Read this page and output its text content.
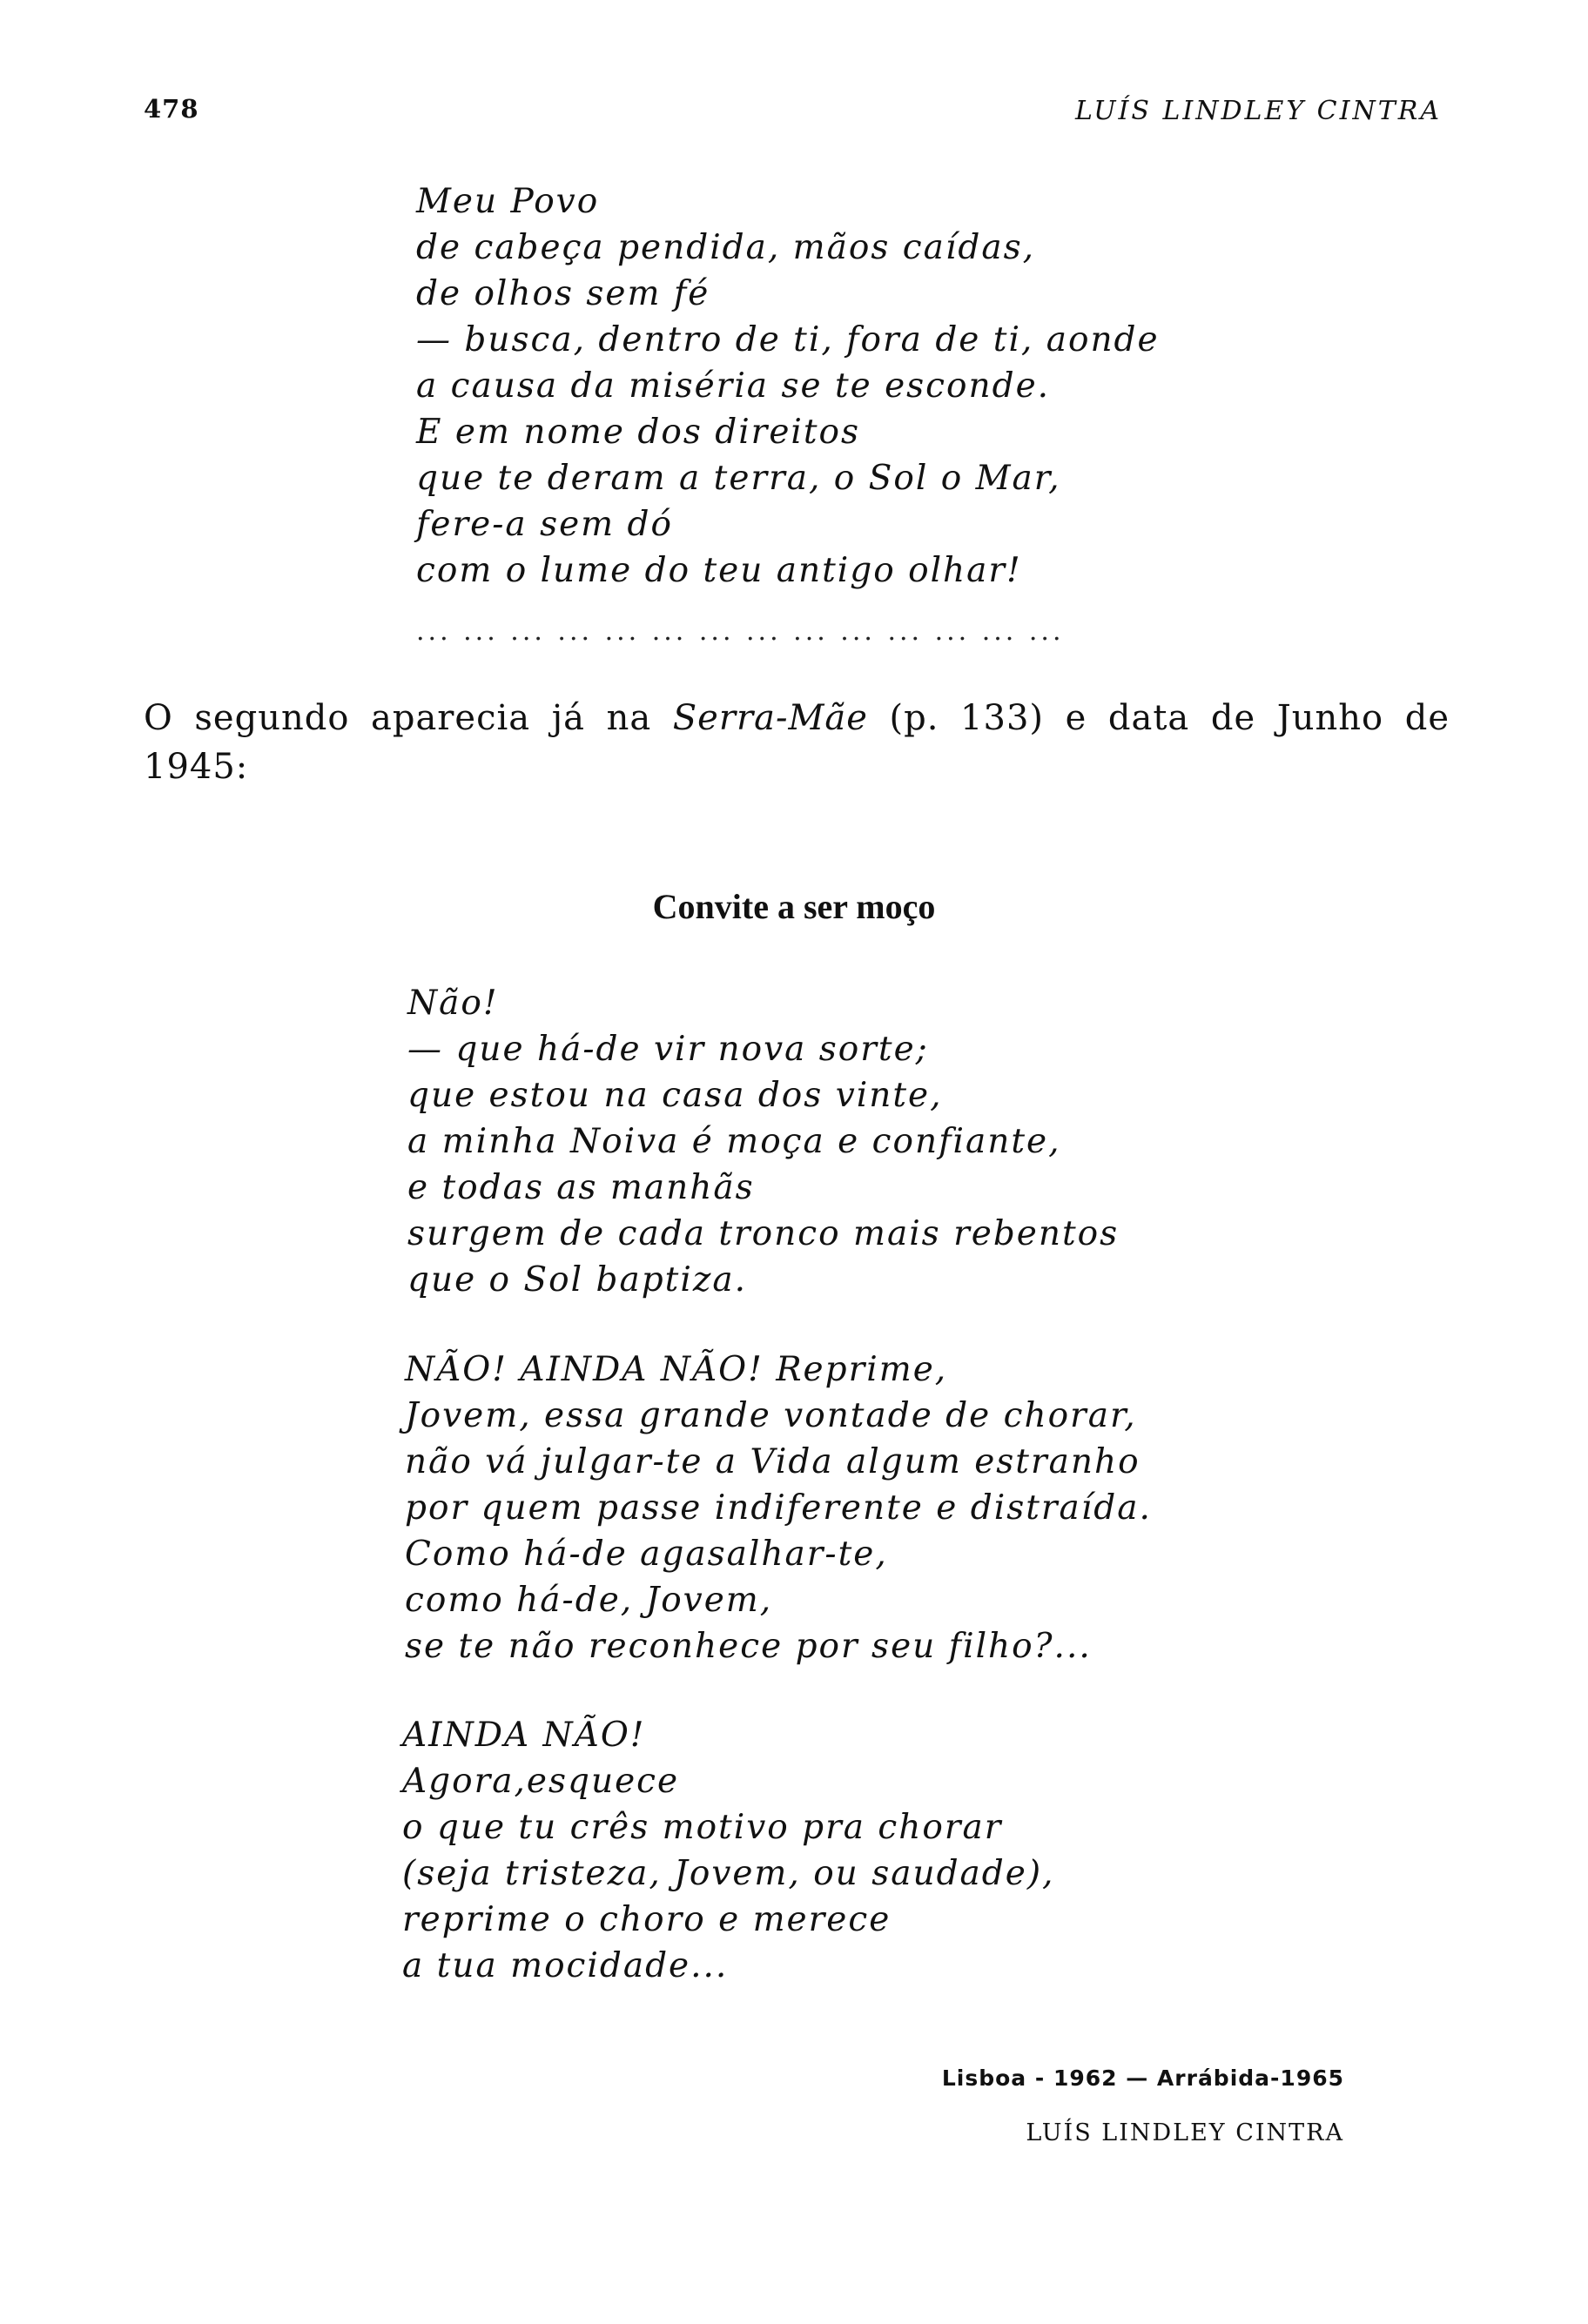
478	LUÍS LINDLEY CINTRA
Meu Povo
de cabeça pendida, mãos caídas,
de olhos sem fé
— busca, dentro de ti, fora de ti, aonde
a causa da miséria se te esconde.
E em nome dos direitos
que te deram a terra, o Sol o Mar,
fere-a sem dó
com o lume do teu antigo olhar!
... ... ... ... ... ... ... ... ... ... ... ... ... ...

O segundo aparecia já na Serra-Mãe (p. 133) e data de Junho de 1945:

Convite a ser moço
Não!
— que há-de vir nova sorte;
que estou na casa dos vinte,
a minha Noiva é moça e confiante,
e todas as manhãs
surgem de cada tronco mais rebentos
que o Sol baptiza.
NÃO! AINDA NÃO! Reprime,
Jovem, essa grande vontade de chorar,
não vá julgar-te a Vida algum estranho
por quem passe indiferente e distraída.
Como há-de agasalhar-te,
como há-de, Jovem,
se te não reconhece por seu filho?...
AINDA NÃO!
Agora,esquece
o que tu crês motivo pra chorar
(seja tristeza, Jovem, ou saudade),
reprime o choro e merece
a tua mocidade...
Lisboa - 1962 — Arrábida-1965
LUÍS LINDLEY CINTRA
